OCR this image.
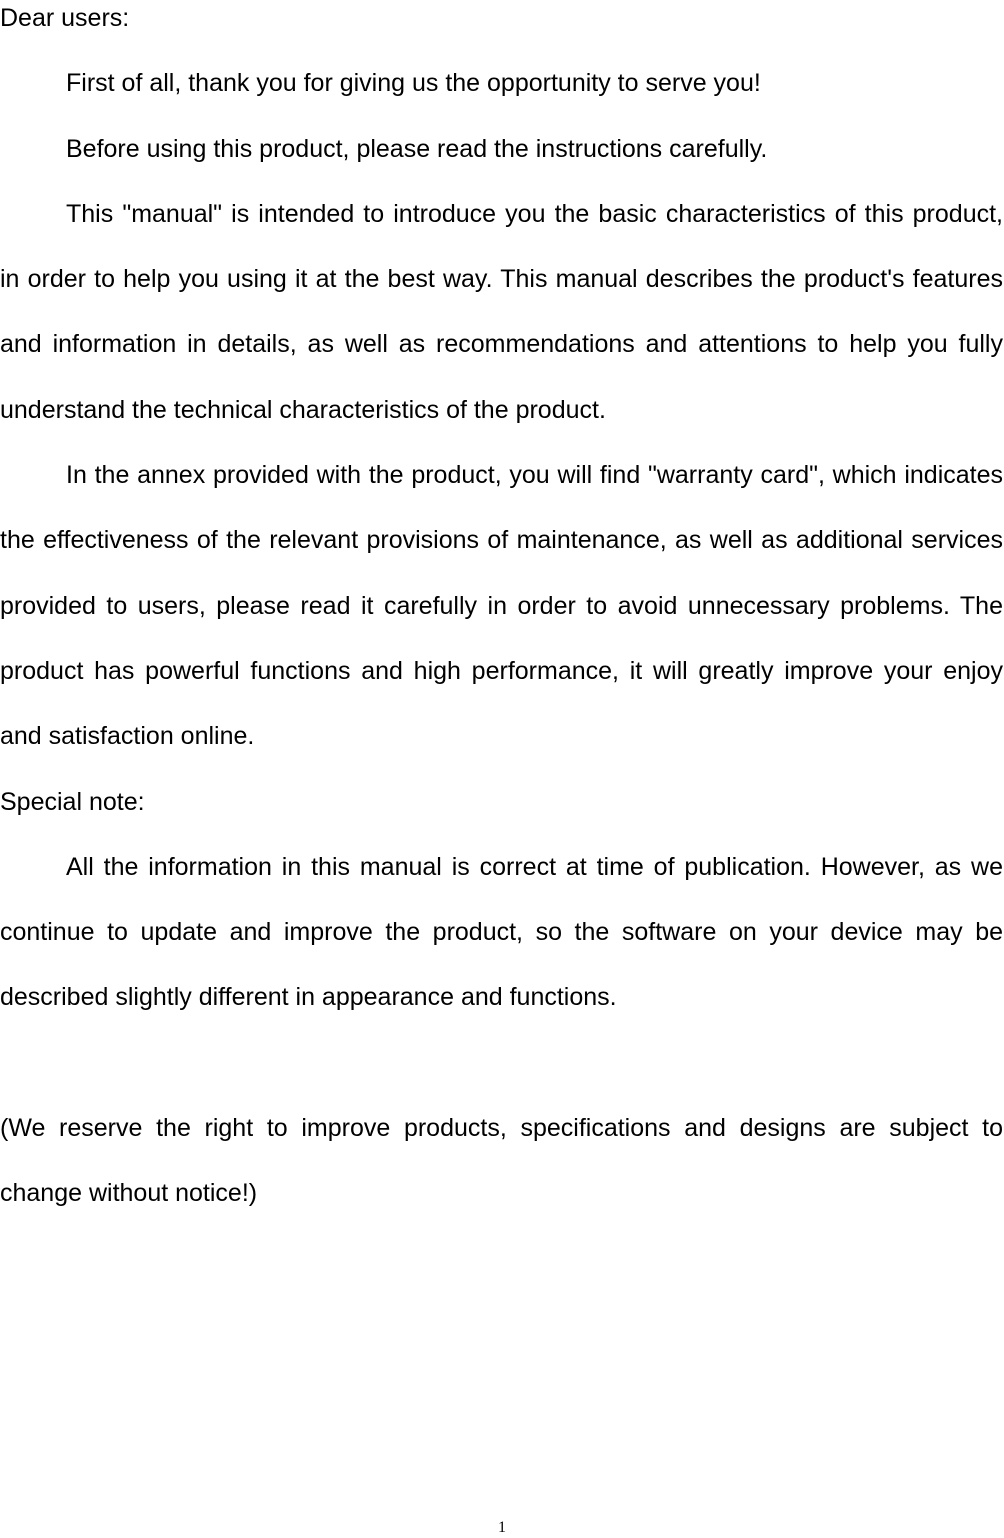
Dear users:

First of all, thank you for giving us the opportunity to serve you!

Before using this product, please read the instructions carefully.

This "manual" is intended to introduce you the basic characteristics of this product, in order to help you using it at the best way. This manual describes the product's features and information in details, as well as recommendations and attentions to help you fully understand the technical characteristics of the product.

In the annex provided with the product, you will find "warranty card", which indicates the effectiveness of the relevant provisions of maintenance, as well as additional services provided to users, please read it carefully in order to avoid unnecessary problems. The product has powerful functions and high performance, it will greatly improve your enjoy and satisfaction online.

Special note:

All the information in this manual is correct at time of publication. However, as we continue to update and improve the product, so the software on your device may be described slightly different in appearance and functions.

(We reserve the right to improve products, specifications and designs are subject to change without notice!)

1
